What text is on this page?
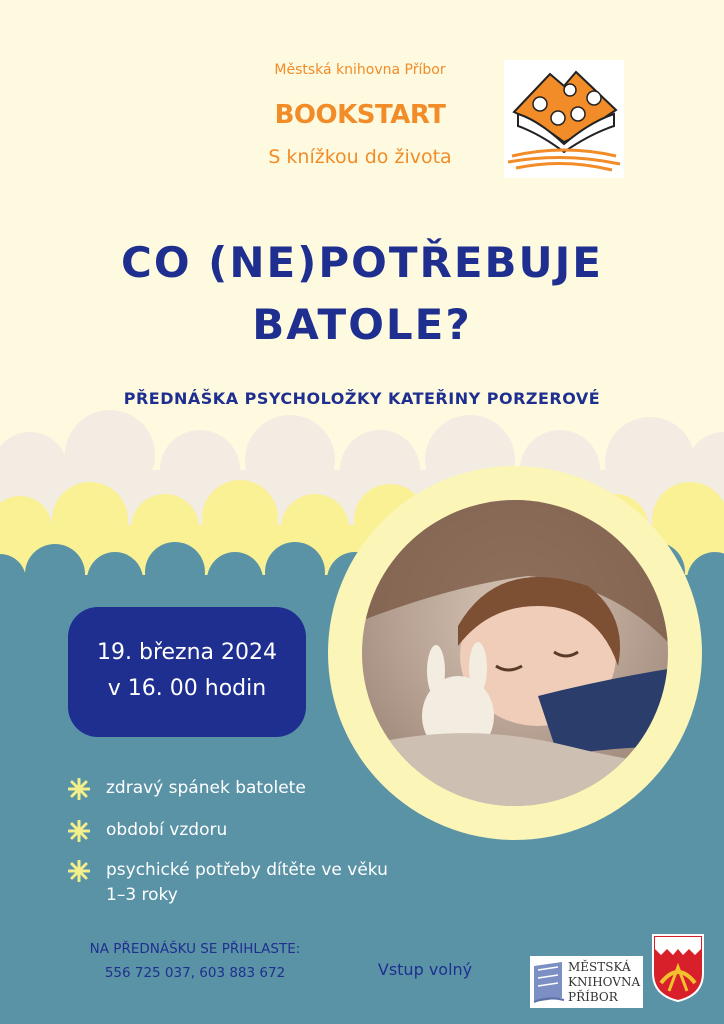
Městská knihovna Příbor
BOOKSTART
S knížkou do života
CO (NE)POTŘEBUJE
BATOLE?
PŘEDNÁŠKA PSYCHOLOŽKY KATEŘINY PORZEROVÉ
19. března 2024
v 16. 00 hodin
zdravý spánek batolete
období vzdoru
psychické potřeby dítěte ve věku 1–3 roky
NA PŘEDNÁŠKU SE PŘIHLASTE:
556 725 037, 603 883 672	Vstup volný	MĚSTSKÁ
KNIHOVNA
PŘÍBOR
